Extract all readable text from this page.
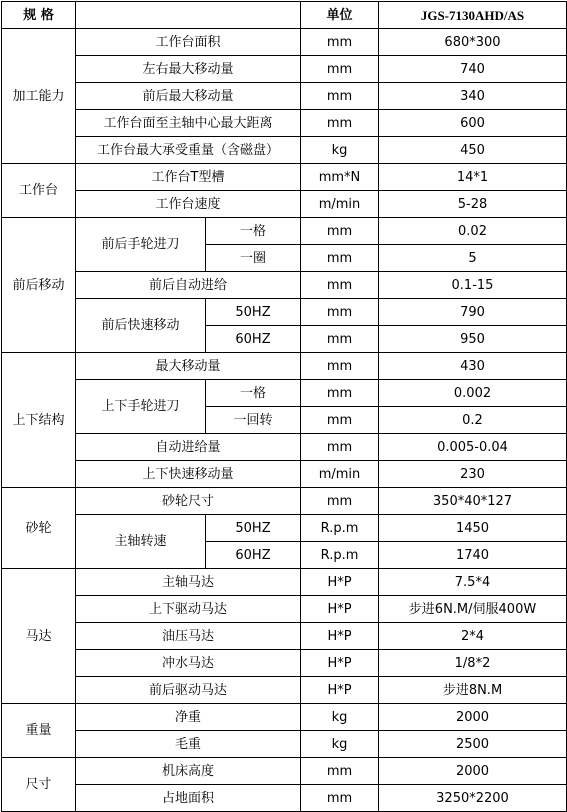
规 格			单位	JGS-7130AHD/AS
加工能力	工作台面积		mm	680*300
	左右最大移动量		mm	740
	前后最大移动量		mm	340
	工作台面至主轴中心最大距离		mm	600
	工作台最大承受重量（含磁盘）		kg	450
工作台	工作台T型槽		mm*N	14*1
	工作台速度		m/min	5-28
前后移动	前后手轮进刀	一格	mm	0.02
		一圈	mm	5
	前后自动进给		mm	0.1-15
	前后快速移动	50HZ	mm	790
		60HZ	mm	950
上下结构	最大移动量		mm	430
	上下手轮进刀	一格	mm	0.002
		一回转	mm	0.2
	自动进给量		mm	0.005-0.04
	上下快速移动量		m/min	230
砂轮	砂轮尺寸		mm	350*40*127
	主轴转速	50HZ	R.p.m	1450
		60HZ	R.p.m	1740
马达	主轴马达		H*P	7.5*4
	上下驱动马达		H*P	步进6N.M/伺服400W
	油压马达		H*P	2*4
	冲水马达		H*P	1/8*2
	前后驱动马达		H*P	步进8N.M
重量	净重		kg	2000
	毛重		kg	2500
尺寸	机床高度		mm	2000
	占地面积		mm	3250*2200
